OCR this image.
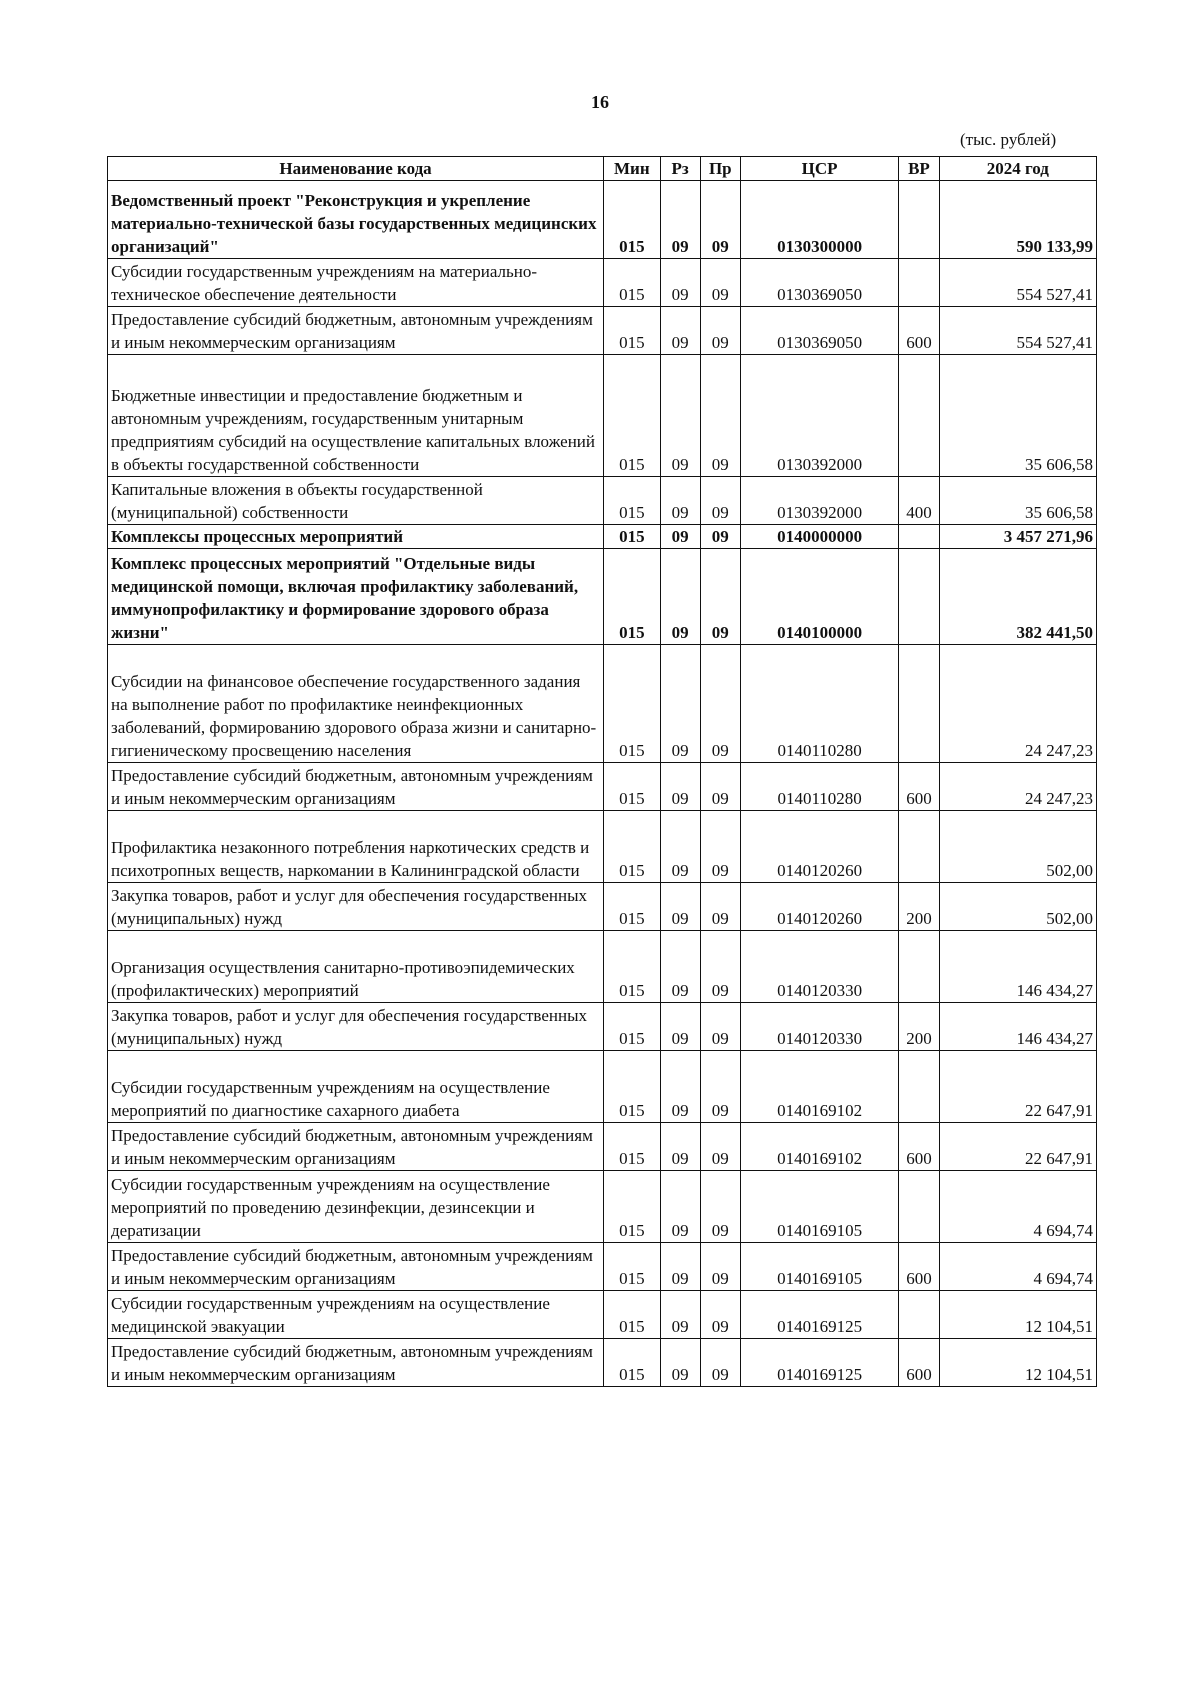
16
(тыс. рублей)
Наименование кода	Мин	Рз	Пр	ЦСР	ВР	2024 год
Ведомственный проект "Реконструкция и укрепление материально-технической базы государственных медицинских организаций"	015	09	09	0130300000		590 133,99
Субсидии государственным учреждениям на материально-техническое обеспечение деятельности	015	09	09	0130369050		554 527,41
Предоставление субсидий бюджетным, автономным учреждениям и иным некоммерческим организациям	015	09	09	0130369050	600	554 527,41
Бюджетные инвестиции и предоставление бюджетным и автономным учреждениям, государственным унитарным предприятиям субсидий на осуществление капитальных вложений в объекты государственной собственности	015	09	09	0130392000		35 606,58
Капитальные вложения в объекты государственной (муниципальной) собственности	015	09	09	0130392000	400	35 606,58
Комплексы процессных мероприятий	015	09	09	0140000000		3 457 271,96
Комплекс процессных мероприятий "Отдельные виды медицинской помощи, включая профилактику заболеваний, иммунопрофилактику и формирование здорового образа жизни"	015	09	09	0140100000		382 441,50
Субсидии на финансовое обеспечение государственного задания на выполнение работ по профилактике неинфекционных заболеваний, формированию здорового образа жизни и санитарно-гигиеническому просвещению населения	015	09	09	0140110280		24 247,23
Предоставление субсидий бюджетным, автономным учреждениям и иным некоммерческим организациям	015	09	09	0140110280	600	24 247,23
Профилактика незаконного потребления наркотических средств и психотропных веществ, наркомании в Калининградской области	015	09	09	0140120260		502,00
Закупка товаров, работ и услуг для обеспечения государственных (муниципальных) нужд	015	09	09	0140120260	200	502,00
Организация осуществления санитарно-противоэпидемических (профилактических) мероприятий	015	09	09	0140120330		146 434,27
Закупка товаров, работ и услуг для обеспечения государственных (муниципальных) нужд	015	09	09	0140120330	200	146 434,27
Субсидии государственным учреждениям на осуществление мероприятий по диагностике сахарного диабета	015	09	09	0140169102		22 647,91
Предоставление субсидий бюджетным, автономным учреждениям и иным некоммерческим организациям	015	09	09	0140169102	600	22 647,91
Субсидии государственным учреждениям на осуществление мероприятий по проведению дезинфекции, дезинсекции и дератизации	015	09	09	0140169105		4 694,74
Предоставление субсидий бюджетным, автономным учреждениям и иным некоммерческим организациям	015	09	09	0140169105	600	4 694,74
Субсидии государственным учреждениям на осуществление медицинской эвакуации	015	09	09	0140169125		12 104,51
Предоставление субсидий бюджетным, автономным учреждениям и иным некоммерческим организациям	015	09	09	0140169125	600	12 104,51
